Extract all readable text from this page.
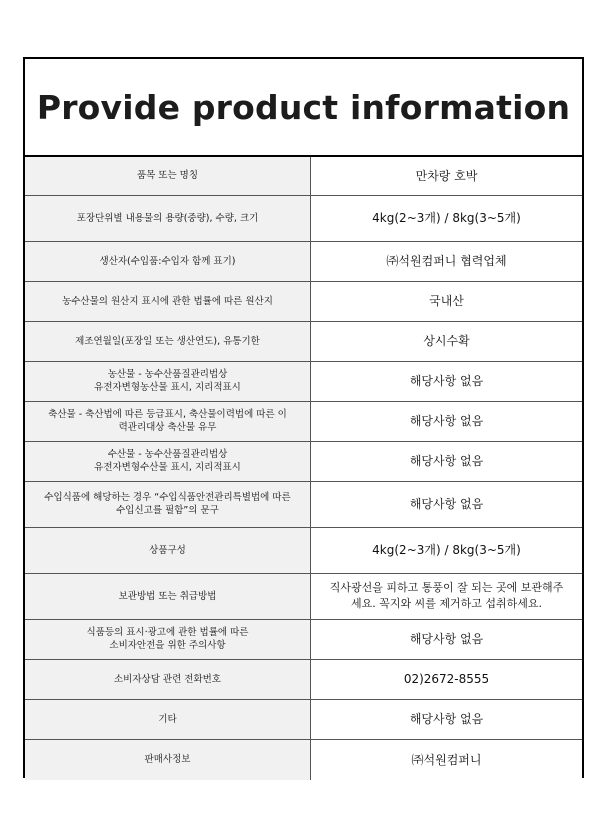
Provide product information
품목 또는 명칭	만차랑 호박

포장단위별 내용물의 용량(중량), 수량, 크기	4kg(2~3개) / 8kg(3~5개)

생산자(수입품:수입자 함께 표기)	㈜석원컴퍼니 협력업체

농수산물의 원산지 표시에 관한 법률에 따른 원산지	국내산

제조연월일(포장일 또는 생산연도), 유통기한	상시수확

농산물 - 농수산품질관리법상
유전자변형농산물 표시, 지리적표시	해당사항 없음

축산물 - 축산법에 따른 등급표시, 축산물이력법에 따른 이
력관리대상 축산물 유무	해당사항 없음

수산물 - 농수산품질관리법상
유전자변형수산물 표시, 지리적표시	해당사항 없음

수입식품에 해당하는 경우 “수입식품안전관리특별법에 따른
수입신고를 필함”의 문구	해당사항 없음

상품구성	4kg(2~3개) / 8kg(3~5개)

보관방법 또는 취급방법	직사광선을 피하고 통풍이 잘 되는 곳에 보관해주
세요. 꼭지와 씨를 제거하고 섭취하세요.

식품등의 표시·광고에 관한 법률에 따른
소비자안전을 위한 주의사항	해당사항 없음

소비자상담 관련 전화번호	02)2672-8555

기타	해당사항 없음

판매사정보	㈜석원컴퍼니
